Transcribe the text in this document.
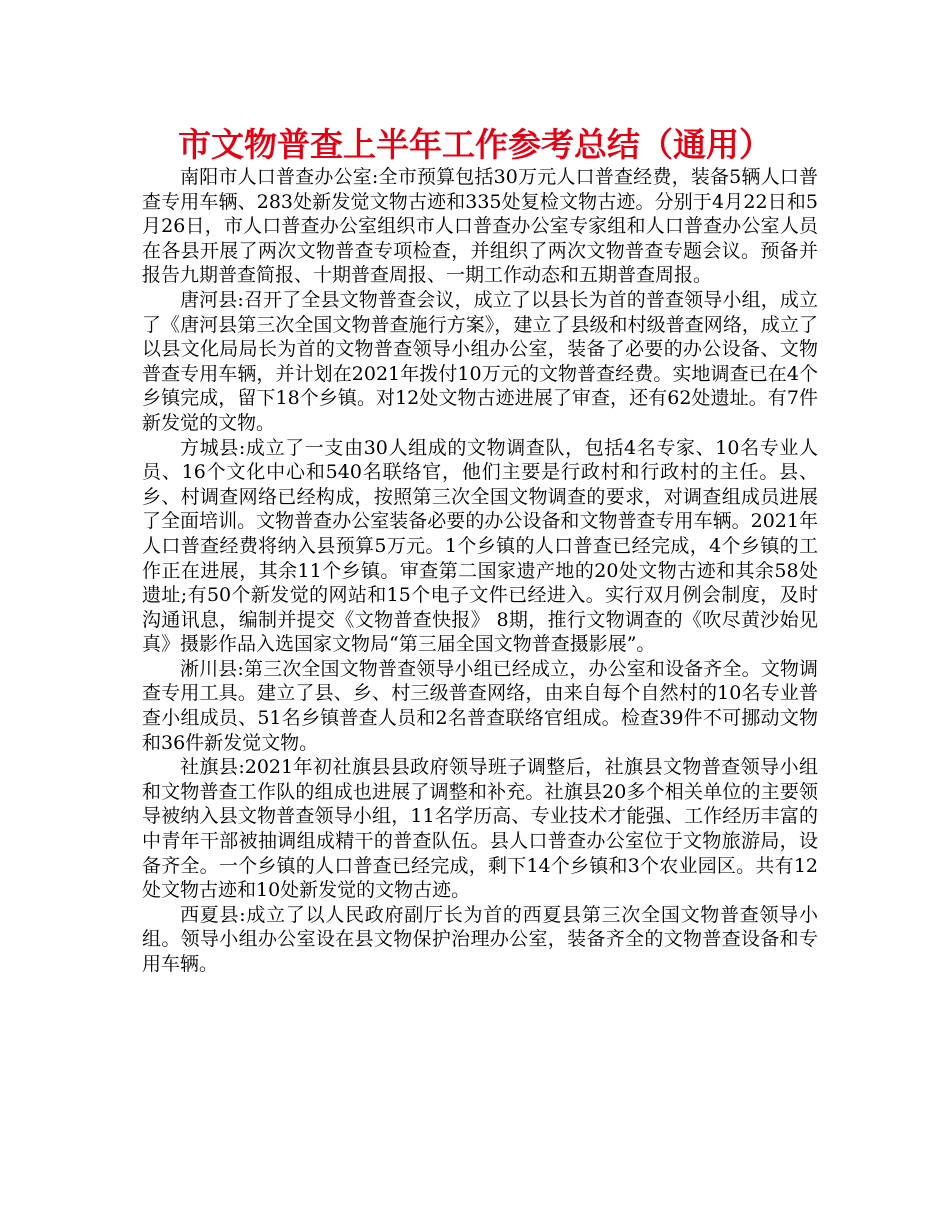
市文物普查上半年工作参考总结（通用）

南阳市人口普查办公室:全市预算包括30万元人口普查经费，装备5辆人口普查专用车辆、283处新发觉文物古迹和335处复检文物古迹。分别于4月22日和5月26日，市人口普查办公室组织市人口普查办公室专家组和人口普查办公室人员在各县开展了两次文物普查专项检查，并组织了两次文物普查专题会议。预备并报告九期普查简报、十期普查周报、一期工作动态和五期普查周报。

唐河县:召开了全县文物普查会议，成立了以县长为首的普查领导小组，成立了《唐河县第三次全国文物普查施行方案》，建立了县级和村级普查网络，成立了以县文化局局长为首的文物普查领导小组办公室，装备了必要的办公设备、文物普查专用车辆，并计划在2021年拨付10万元的文物普查经费。实地调查已在4个乡镇完成，留下18个乡镇。对12处文物古迹进展了审查，还有62处遗址。有7件新发觉的文物。

方城县:成立了一支由30人组成的文物调查队，包括4名专家、10名专业人员、16个文化中心和540名联络官，他们主要是行政村和行政村的主任。县、乡、村调查网络已经构成，按照第三次全国文物调查的要求，对调查组成员进展了全面培训。文物普查办公室装备必要的办公设备和文物普查专用车辆。2021年人口普查经费将纳入县预算5万元。1个乡镇的人口普查已经完成，4个乡镇的工作正在进展，其余11个乡镇。审查第二国家遗产地的20处文物古迹和其余58处遗址;有50个新发觉的网站和15个电子文件已经进入。实行双月例会制度，及时沟通讯息，编制并提交《文物普查快报》 8期，推行文物调查的《吹尽黄沙始见真》摄影作品入选国家文物局“第三届全国文物普查摄影展”。

淅川县:第三次全国文物普查领导小组已经成立，办公室和设备齐全。文物调查专用工具。建立了县、乡、村三级普查网络，由来自每个自然村的10名专业普查小组成员、51名乡镇普查人员和2名普查联络官组成。检查39件不可挪动文物和36件新发觉文物。

社旗县:2021年初社旗县县政府领导班子调整后，社旗县文物普查领导小组和文物普查工作队的组成也进展了调整和补充。社旗县20多个相关单位的主要领导被纳入县文物普查领导小组，11名学历高、专业技术才能强、工作经历丰富的中青年干部被抽调组成精干的普查队伍。县人口普查办公室位于文物旅游局，设备齐全。一个乡镇的人口普查已经完成，剩下14个乡镇和3个农业园区。共有12处文物古迹和10处新发觉的文物古迹。

西夏县:成立了以人民政府副厅长为首的西夏县第三次全国文物普查领导小组。领导小组办公室设在县文物保护治理办公室，装备齐全的文物普查设备和专用车辆。
